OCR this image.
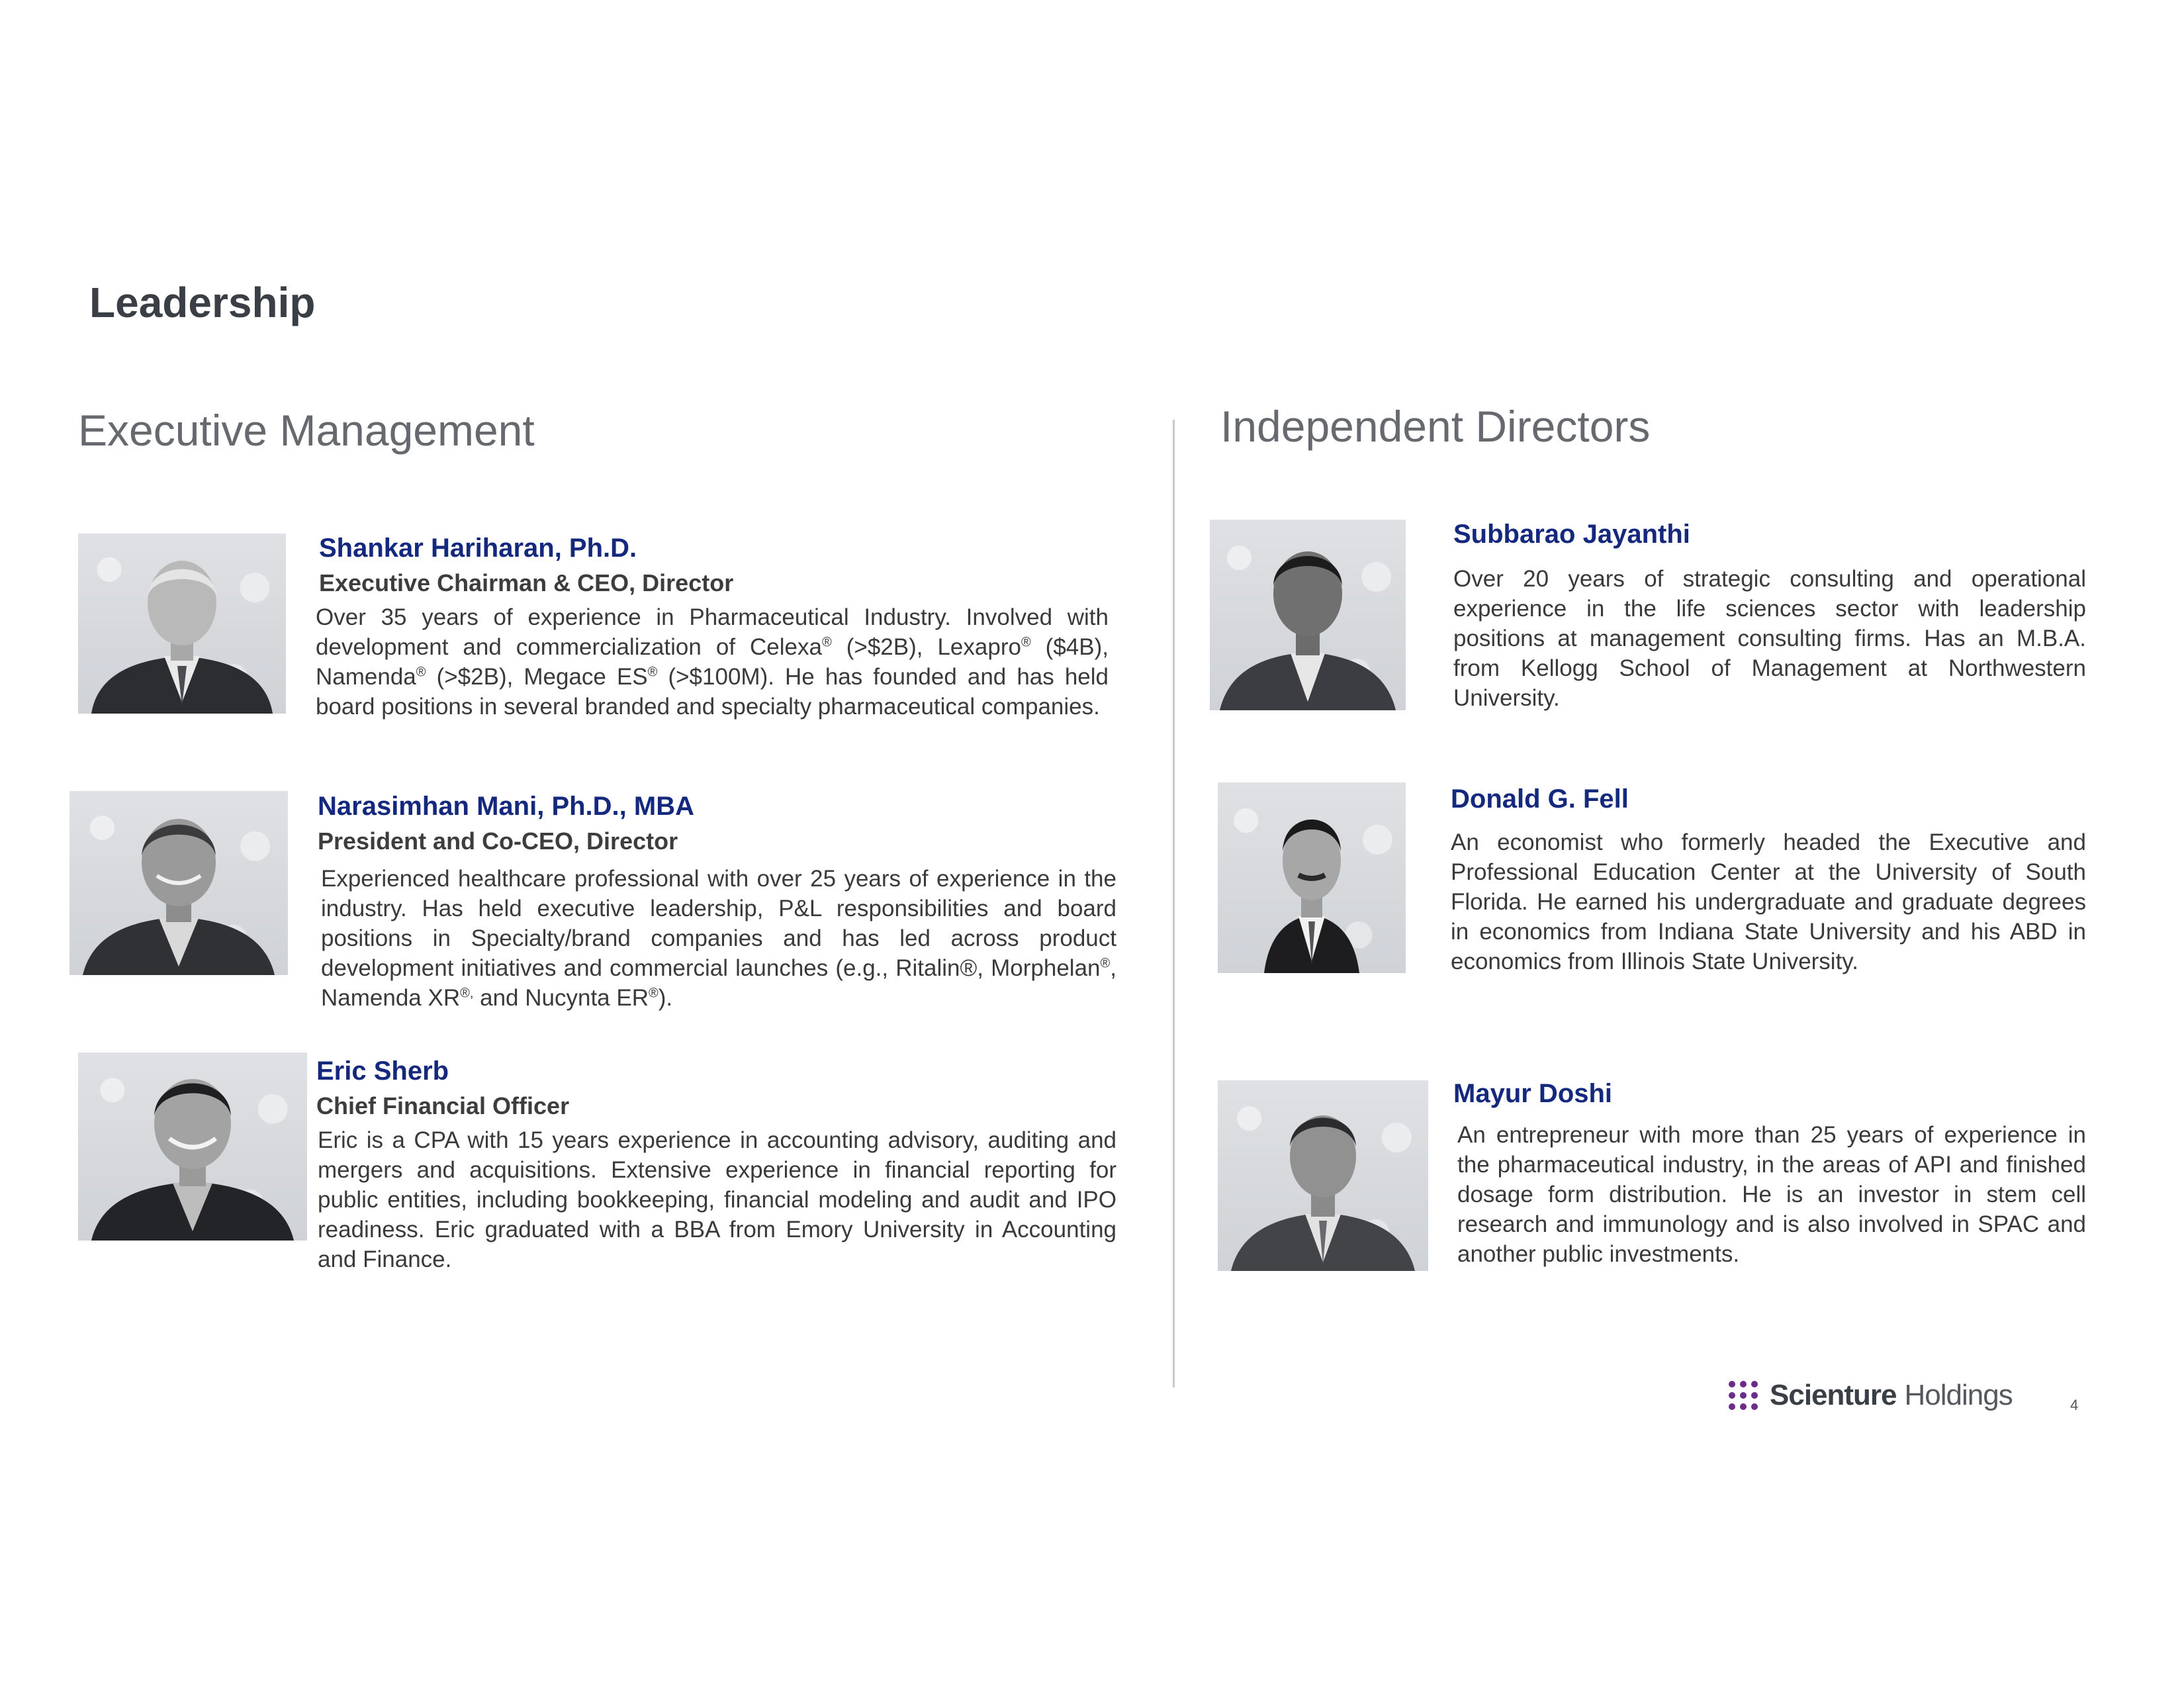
Leadership
Executive Management	Independent Directors

Shankar Hariharan, Ph.D.

Executive Chairman & CEO, Director

Over 35 years of experience in Pharmaceutical Industry. Involved with development and commercialization of Celexa® (>$2B), Lexapro® ($4B), Namenda® (>$2B), Megace ES® (>$100M). He has founded and has held board positions in several branded and specialty pharmaceutical companies.

Narasimhan Mani, Ph.D., MBA

President and Co-CEO, Director

Experienced healthcare professional with over 25 years of experience in the industry. Has held executive leadership, P&L responsibilities and board positions in Specialty/brand companies and has led across product development initiatives and commercial launches (e.g., Ritalin®, Morphelan®, Namenda XR®, and Nucynta ER®).

Eric Sherb

Chief Financial Officer

Eric is a CPA with 15 years experience in accounting advisory, auditing and mergers and acquisitions. Extensive experience in financial reporting for public entities, including bookkeeping, financial modeling and audit and IPO readiness. Eric graduated with a BBA from Emory University in Accounting and Finance.

Subbarao Jayanthi

Over 20 years of strategic consulting and operational experience in the life sciences sector with leadership positions at management consulting firms. Has an M.B.A. from Kellogg School of Management at Northwestern University.

Donald G. Fell

An economist who formerly headed the Executive and Professional Education Center at the University of South Florida. He earned his undergraduate and graduate degrees in economics from Indiana State University and his ABD in economics from Illinois State University.

Mayur Doshi

An entrepreneur with more than 25 years of experience in the pharmaceutical industry, in the areas of API and finished dosage form distribution. He is an investor in stem cell research and immunology and is also involved in SPAC and another public investments.

Scienture Holdings	4
